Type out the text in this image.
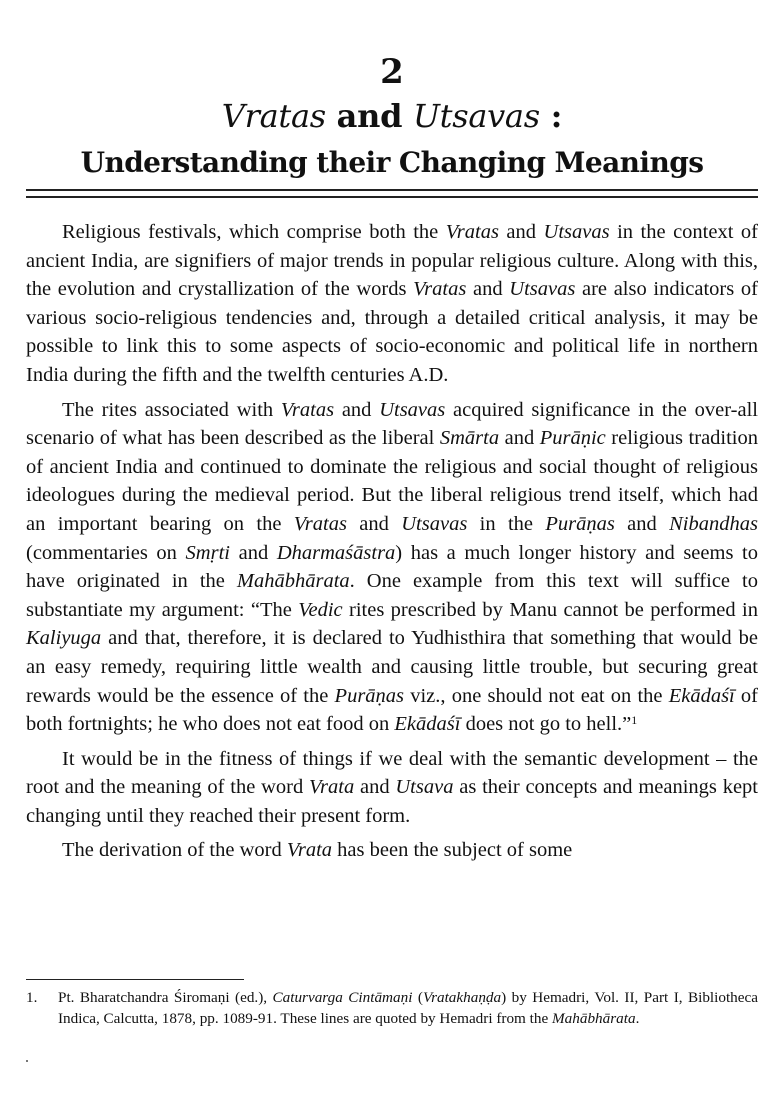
2
Vratas and Utsavas :
Understanding their Changing Meanings

Religious festivals, which comprise both the Vratas and Utsavas in the context of ancient India, are signifiers of major trends in popular religious culture. Along with this, the evolution and crystallization of the words Vratas and Utsavas are also indicators of various socio-religious tendencies and, through a detailed critical analysis, it may be possible to link this to some aspects of socio-economic and political life in northern India during the fifth and the twelfth centuries A.D.

The rites associated with Vratas and Utsavas acquired significance in the over-all scenario of what has been described as the liberal Smārta and Purāṇic religious tradition of ancient India and continued to dominate the religious and social thought of religious ideologues during the medieval period. But the liberal religious trend itself, which had an important bearing on the Vratas and Utsavas in the Purāṇas and Nibandhas (commentaries on Smṛti and Dharmaśāstra) has a much longer history and seems to have originated in the Mahābhārata. One example from this text will suffice to substantiate my argument: “The Vedic rites prescribed by Manu cannot be performed in Kaliyuga and that, therefore, it is declared to Yudhisthira that something that would be an easy remedy, requiring little wealth and causing little trouble, but securing great rewards would be the essence of the Purāṇas viz., one should not eat on the Ekādaśī of both fortnights; he who does not eat food on Ekādaśī does not go to hell.”$^1$

It would be in the fitness of things if we deal with the semantic development – the root and the meaning of the word Vrata and Utsava as their concepts and meanings kept changing until they reached their present form.

The derivation of the word Vrata has been the subject of some

1. Pt. Bharatchandra Śiromaṇi (ed.), Caturvarga Cintāmaṇi (Vratakhaṇḍa) by Hemadri, Vol. II, Part I, Bibliotheca Indica, Calcutta, 1878, pp. 1089-91. These lines are quoted by Hemadri from the Mahābhārata.
